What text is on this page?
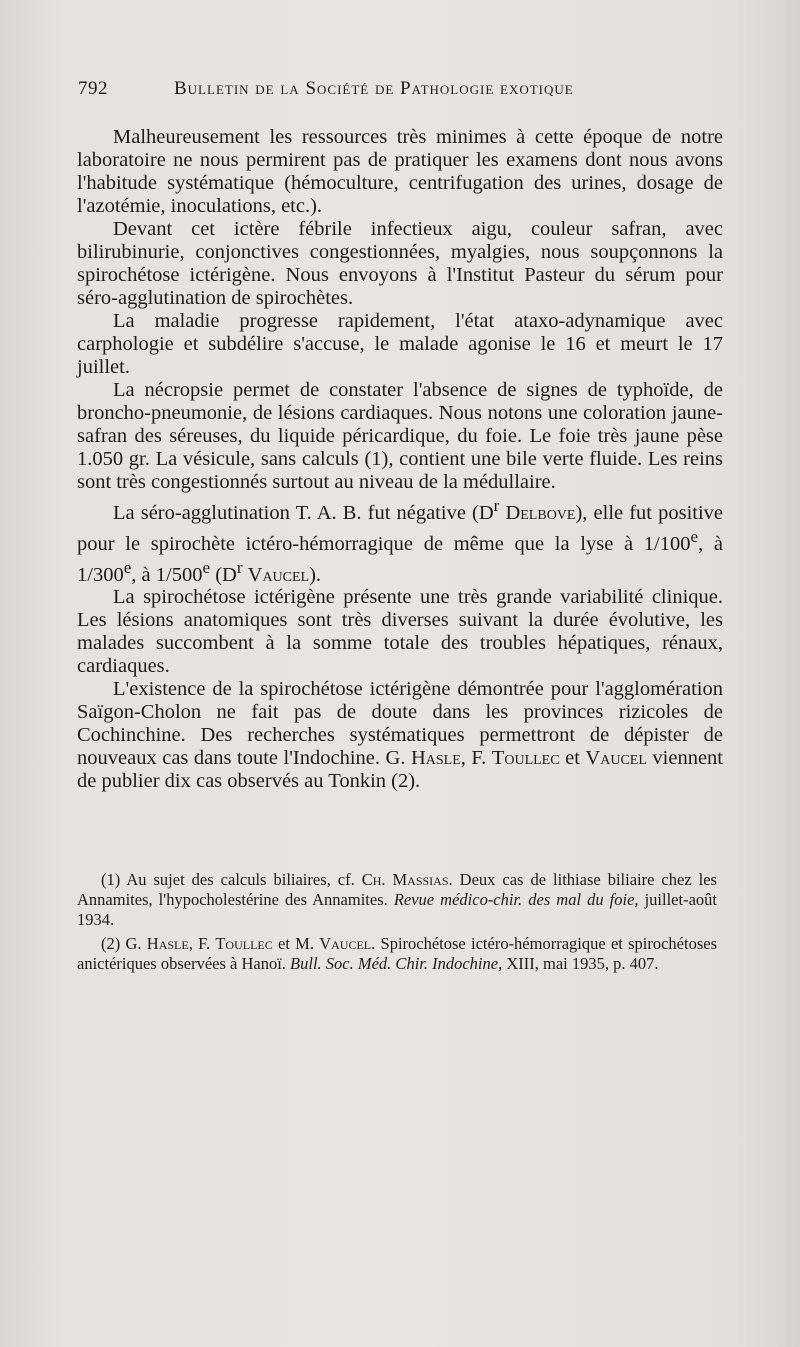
792	Bulletin de la Société de Pathologie exotique

Malheureusement les ressources très minimes à cette époque de notre laboratoire ne nous permirent pas de pratiquer les examens dont nous avons l'habitude systématique (hémoculture, centrifugation des urines, dosage de l'azotémie, inoculations, etc.).

Devant cet ictère fébrile infectieux aigu, couleur safran, avec bilirubinurie, conjonctives congestionnées, myalgies, nous soupçonnons la spirochétose ictérigène. Nous envoyons à l'Institut Pasteur du sérum pour séro-agglutination de spirochètes.

La maladie progresse rapidement, l'état ataxo-adynamique avec carphologie et subdélire s'accuse, le malade agonise le 16 et meurt le 17 juillet.

La nécropsie permet de constater l'absence de signes de typhoïde, de broncho-pneumonie, de lésions cardiaques. Nous notons une coloration jaune-safran des séreuses, du liquide péricardique, du foie. Le foie très jaune pèse 1.050 gr. La vésicule, sans calculs (1), contient une bile verte fluide. Les reins sont très congestionnés surtout au niveau de la médullaire.

La séro-agglutination T. A. B. fut négative ($D^r$ Delbove), elle fut positive pour le spirochète ictéro-hémorragique de même que la lyse à 1/100e, à 1/300e, à 1/500e ($D^r$ Vaucel).

La spirochétose ictérigène présente une très grande variabilité clinique. Les lésions anatomiques sont très diverses suivant la durée évolutive, les malades succombent à la somme totale des troubles hépatiques, rénaux, cardiaques.

L'existence de la spirochétose ictérigène démontrée pour l'agglomération Saïgon-Cholon ne fait pas de doute dans les provinces rizicoles de Cochinchine. Des recherches systématiques permettront de dépister de nouveaux cas dans toute l'Indochine. G. Hasle, F. Toullec et Vaucel viennent de publier dix cas observés au Tonkin (2).

(1) Au sujet des calculs biliaires, cf. Ch. Massias. Deux cas de lithiase biliaire chez les Annamites, l'hypocholestérine des Annamites. Revue médico-chir. des mal du foie, juillet-août 1934.

(2) G. Hasle, F. Toullec et M. Vaucel. Spirochétose ictéro-hémorragique et spirochétoses anictériques observées à Hanoï. Bull. Soc. Méd. Chir. Indochine, XIII, mai 1935, p. 407.
